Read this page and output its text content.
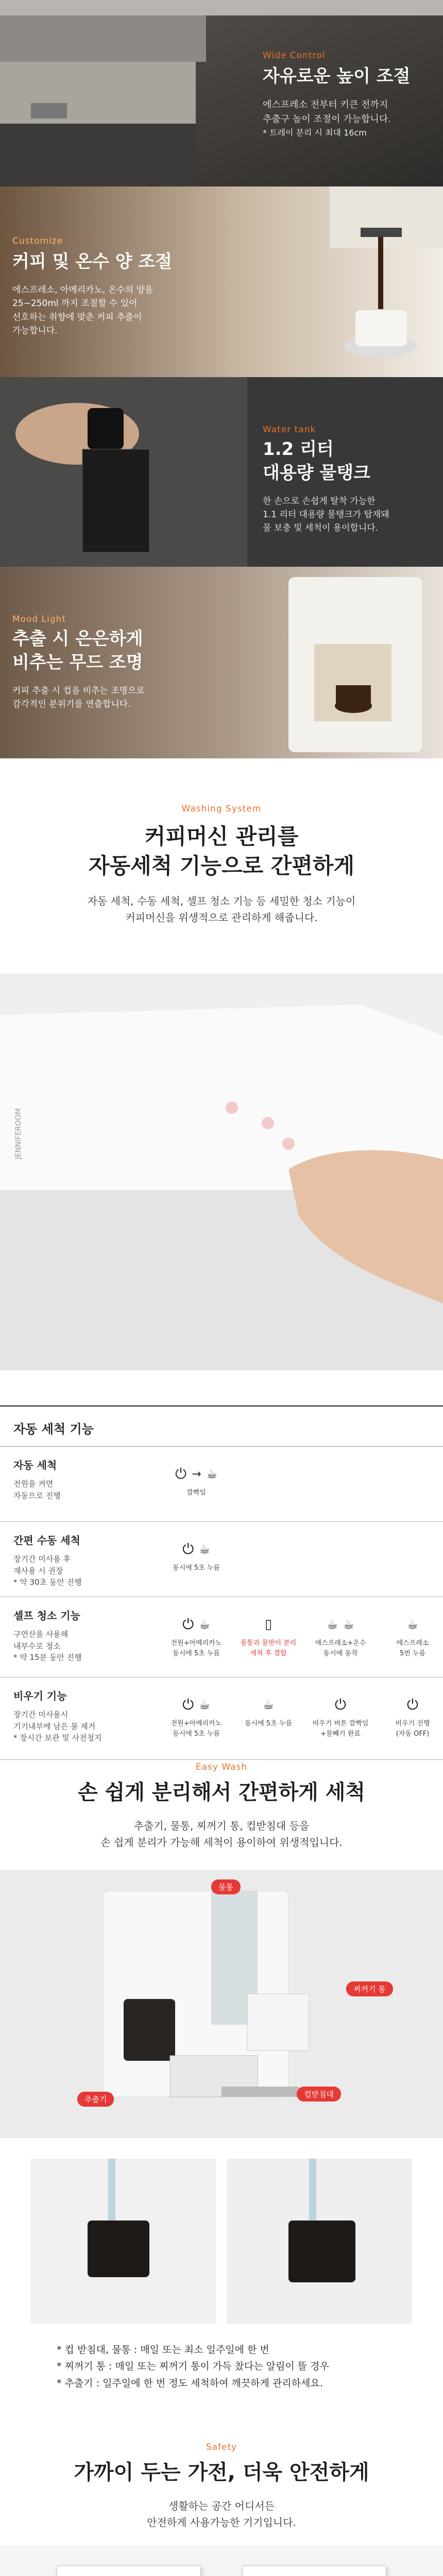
Wide Control
자유로운 높이 조절
에스프레소 전부터 키큰 전까지
추출구 높이 조절이 가능합니다.
* 트레이 분리 시 최대 16cm
Customize
커피 및 온수 양 조절
에스프레소, 아메리카노, 온수의 양을
25~250ml 까지 조절할 수 있어
선호하는 취향에 맞춘 커피 추출이
가능합니다.
Water tank
1.2 리터
대용량 물탱크
한 손으로 손쉽게 탈착 가능한
1.1 리터 대용량 물탱크가 탑재돼
물 보충 및 세척이 용이합니다.
Mood Light
추출 시 은은하게
비추는 무드 조명
커피 추출 시 컵을 비추는 조명으로
감각적인 분위기를 연출합니다.
Washing System
커피머신 관리를
자동세척 기능으로 간편하게
자동 세척, 수동 세척, 셀프 청소 기능 등 세밀한 청소 기능이
커피머신을 위생적으로 관리하게 해줍니다.
JENNIFEROOM
자동 세척 기능
자동 세척
전원을 켜면
자동으로 진행
⏻ → ☕
깜빡임
간편 수동 세척
장기간 미사용 후
재사용 시 권장
* 약 30초 동안 진행
⏻ ☕
동시에 5초 누름
셀프 청소 기능
구연산을 사용해
내부수로 청소
* 약 15분 동안 진행
⏻ ☕
전원+아메리카노
동시에 5초 누름
▯
물통과 물받이 분리
세척 후 결합
☕ ☕
에스프레소+온수
동시에 동작
☕
에스프레소
5번 누름
비우기 기능
장기간 미사용시
기기내부에 남은 물 제거
* 장시간 보관 및 사전청지
⏻ ☕
전원+아메리카노
동시에 5초 누름
☕
동시에 5초 누름
⏻
비우기 버튼 깜빡임
+물빼기 완료
⏻
비우기 진행
(자동 OFF)
Easy Wash
손 쉽게 분리해서 간편하게 세척
추출기, 물통, 찌꺼기 통, 컵받침대 등을
손 쉽게 분리가 가능해 세척이 용이하여 위생적입니다.
물통
추출기
찌꺼기 통
컵받침대
* 컵 받침대, 물통 : 매일 또는 최소 일주일에 한 번
* 찌꺼기 통 : 매일 또는 찌꺼기 통이 가득 찼다는 알림이 뜰 경우
* 추출기 : 일주일에 한 번 정도 세척하여 깨끗하게 관리하세요.
Safety
가까이 두는 가전, 더욱 안전하게
생활하는 공간 어디서든
안전하게 사용가능한 기기입니다.
